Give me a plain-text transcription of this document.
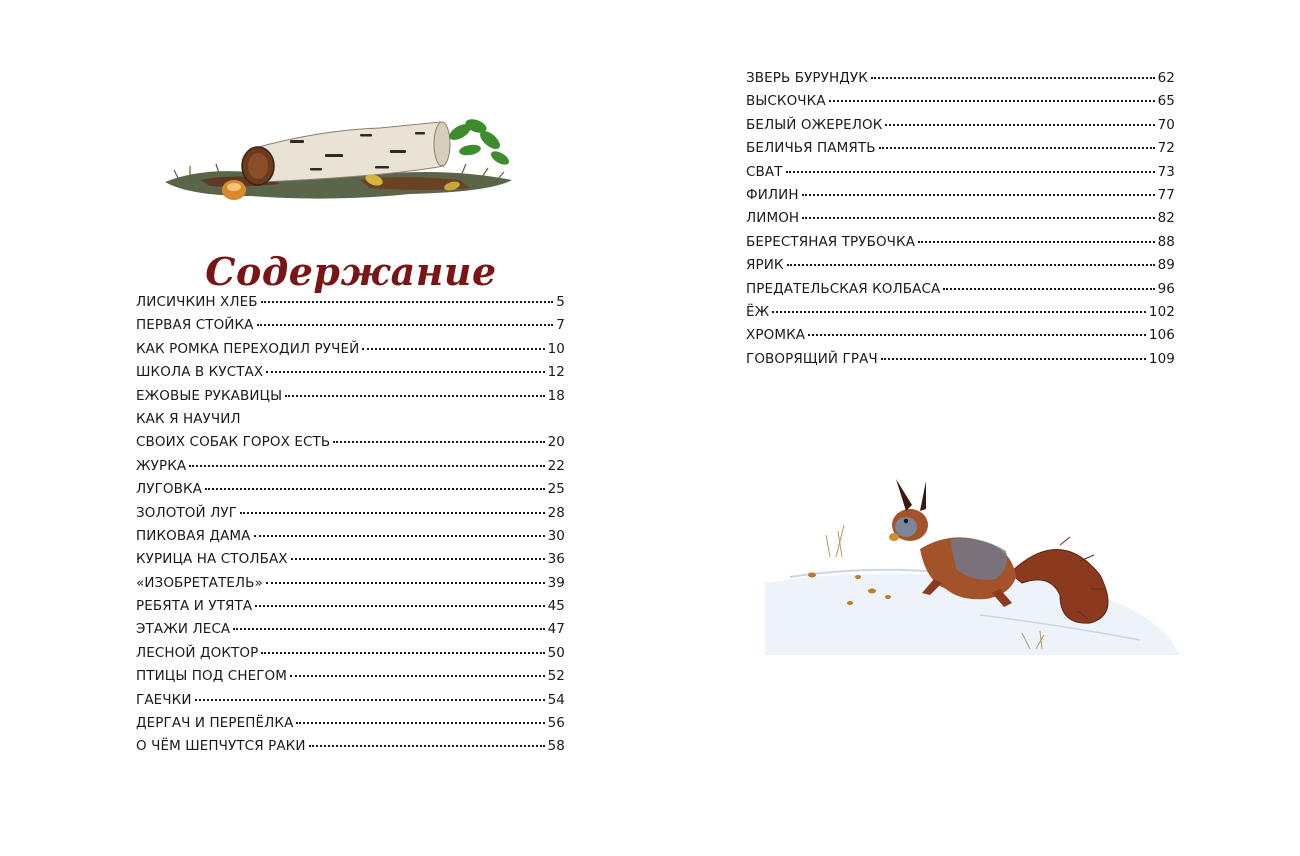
Содержание
ЛИСИЧКИН ХЛЕБ	5
ПЕРВАЯ СТОЙКА	7
КАК РОМКА ПЕРЕХОДИЛ РУЧЕЙ	10
ШКОЛА В КУСТАХ	12
ЕЖОВЫЕ РУКАВИЦЫ	18
КАК Я НАУЧИЛ
СВОИХ СОБАК ГОРОХ ЕСТЬ	20
ЖУРКА	22
ЛУГОВКА	25
ЗОЛОТОЙ ЛУГ	28
ПИКОВАЯ ДАМА	30
КУРИЦА НА СТОЛБАХ	36
«ИЗОБРЕТАТЕЛЬ»	39
РЕБЯТА И УТЯТА	45
ЭТАЖИ ЛЕСА	47
ЛЕСНОЙ ДОКТОР	50
ПТИЦЫ ПОД СНЕГОМ	52
ГАЕЧКИ	54
ДЕРГАЧ И ПЕРЕПЁЛКА	56
О ЧЁМ ШЕПЧУТСЯ РАКИ	58
ЗВЕРЬ БУРУНДУК	62
ВЫСКОЧКА	65
БЕЛЫЙ ОЖЕРЕЛОК	70
БЕЛИЧЬЯ ПАМЯТЬ	72
СВАТ	73
ФИЛИН	77
ЛИМОН	82
БЕРЕСТЯНАЯ ТРУБОЧКА	88
ЯРИК	89
ПРЕДАТЕЛЬСКАЯ КОЛБАСА	96
ЁЖ	102
ХРОМКА	106
ГОВОРЯЩИЙ ГРАЧ	109
